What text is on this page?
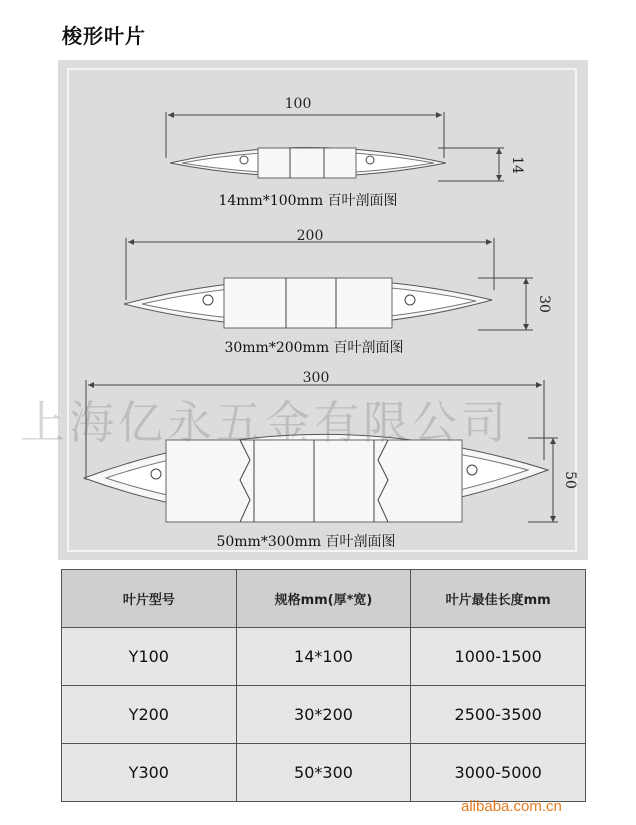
梭形叶片
100
14
14mm*100mm 百叶剖面图
200
30
30mm*200mm 百叶剖面图
300
50
50mm*300mm 百叶剖面图
上海亿永五金有限公司
叶片型号	规格mm(厚*宽)	叶片最佳长度mm
Y100	14*100	1000-1500
Y200	30*200	2500-3500
Y300	50*300	3000-5000
alibaba.com.cn
